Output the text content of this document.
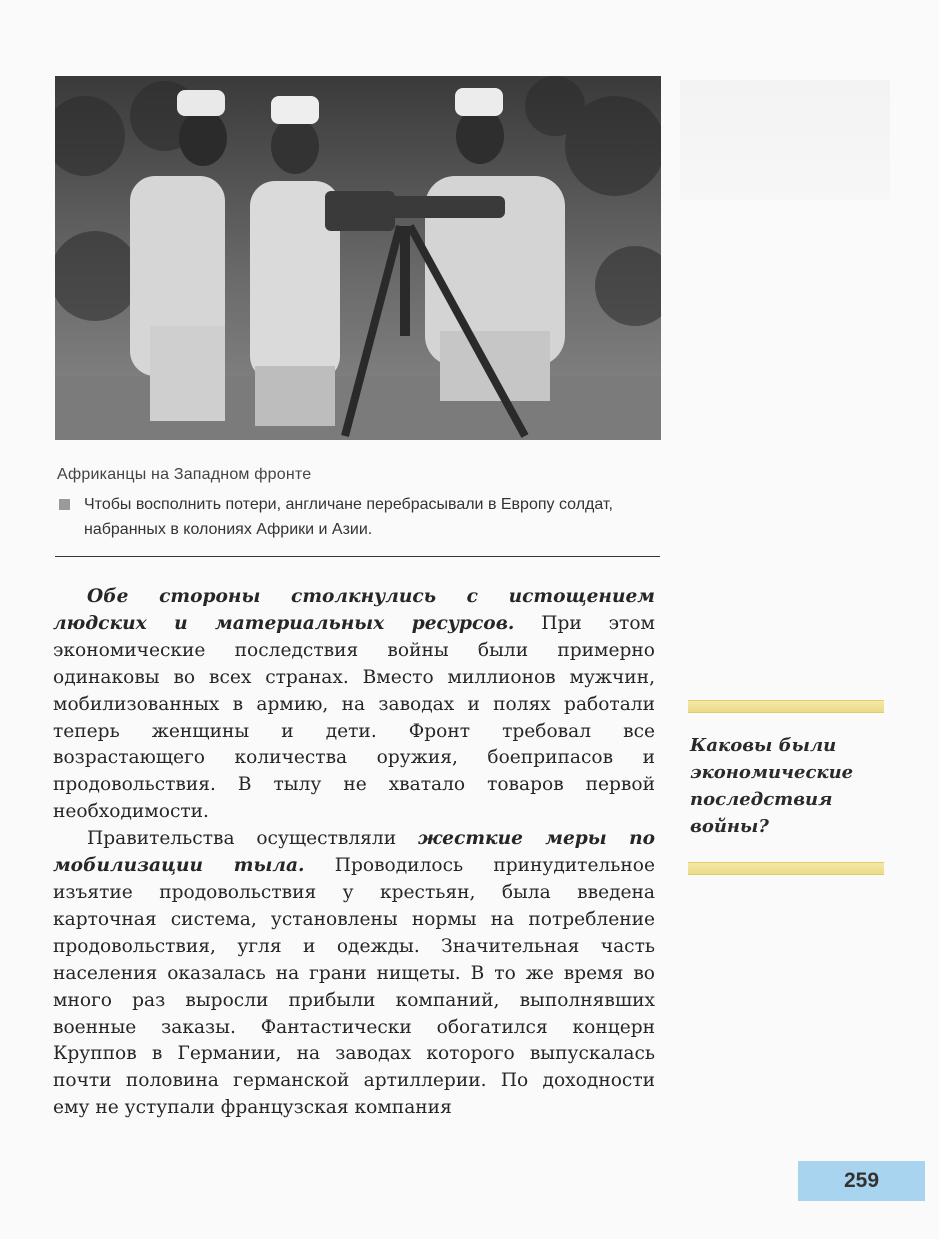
Африканцы на Западном фронте
Чтобы восполнить потери, англичане перебрасывали в Европу солдат, набранных в колониях Африки и Азии.

Обе стороны столкнулись с истощением людских и материальных ресурсов. При этом экономические последствия войны были примерно одинаковы во всех странах. Вместо миллионов мужчин, мобилизованных в армию, на заводах и полях работали теперь женщины и дети. Фронт требовал все возрастающего количества оружия, боеприпасов и продовольствия. В тылу не хватало товаров первой необходимости.

Правительства осуществляли жесткие меры по мобилизации тыла. Проводилось принудительное изъятие продовольствия у крестьян, была введена карточная система, установлены нормы на потребление продовольствия, угля и одежды. Значительная часть населения оказалась на грани нищеты. В то же время во много раз выросли прибыли компаний, выполнявших военные заказы. Фантастически обогатился концерн Круппов в Германии, на заводах которого выпускалась почти половина германской артиллерии. По доходности ему не уступали французская компания

Каковы были экономические последствия войны?
259
